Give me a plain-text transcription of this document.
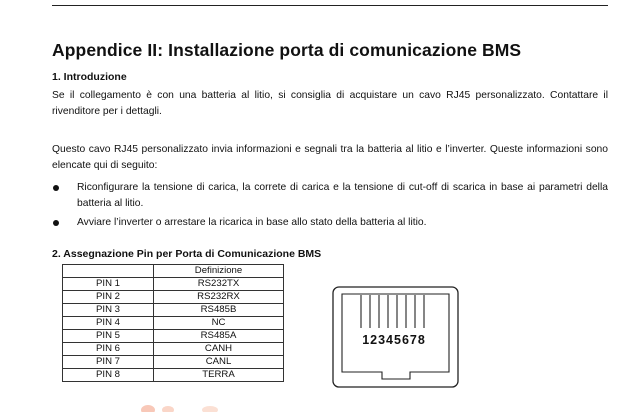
Appendice II: Installazione porta di comunicazione BMS
1. Introduzione

Se il collegamento è con una batteria al litio, si consiglia di acquistare un cavo RJ45 personalizzato. Contattare il rivenditore per i dettagli.

Questo cavo RJ45 personalizzato invia informazioni e segnali tra la batteria al litio e l’inverter. Queste informazioni sono elencate qui di seguito:

Riconfigurare la tensione di carica, la correte di carica e la tensione di cut-off di scarica in base ai parametri della batteria al litio.
Avviare l’inverter o arrestare la ricarica in base allo stato della batteria al litio.
2. Assegnazione Pin per Porta di Comunicazione BMS
	Definizione
PIN 1	RS232TX
PIN 2	RS232RX
PIN 3	RS485B
PIN 4	NC
PIN 5	RS485A
PIN 6	CANH
PIN 7	CANL
PIN 8	TERRA
12345678
